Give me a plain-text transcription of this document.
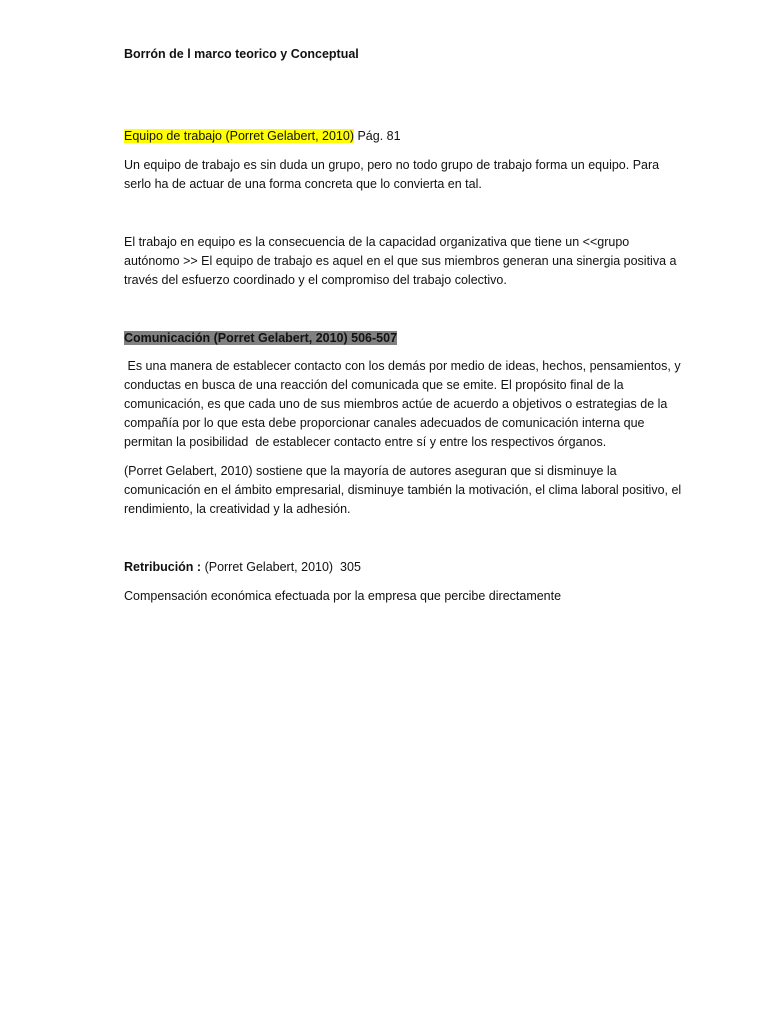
Borrón de l marco teorico y Conceptual
Equipo de trabajo (Porret Gelabert, 2010) Pág. 81

Un equipo de trabajo es sin duda un grupo, pero no todo grupo de trabajo forma un equipo. Para serlo ha de actuar de una forma concreta que lo convierta en tal.

El trabajo en equipo es la consecuencia de la capacidad organizativa que tiene un <<grupo autónomo >> El equipo de trabajo es aquel en el que sus miembros generan una sinergia positiva a través del esfuerzo coordinado y el compromiso del trabajo colectivo.

Comunicación (Porret Gelabert, 2010) 506-507

Es una manera de establecer contacto con los demás por medio de ideas, hechos, pensamientos, y conductas en busca de una reacción del comunicada que se emite. El propósito final de la comunicación, es que cada uno de sus miembros actúe de acuerdo a objetivos o estrategias de la compañía por lo que esta debe proporcionar canales adecuados de comunicación interna que permitan la posibilidad  de establecer contacto entre sí y entre los respectivos órganos.

(Porret Gelabert, 2010) sostiene que la mayoría de autores aseguran que si disminuye la comunicación en el ámbito empresarial, disminuye también la motivación, el clima laboral positivo, el rendimiento, la creatividad y la adhesión.

Retribución : (Porret Gelabert, 2010)  305

Compensación económica efectuada por la empresa que percibe directamente
